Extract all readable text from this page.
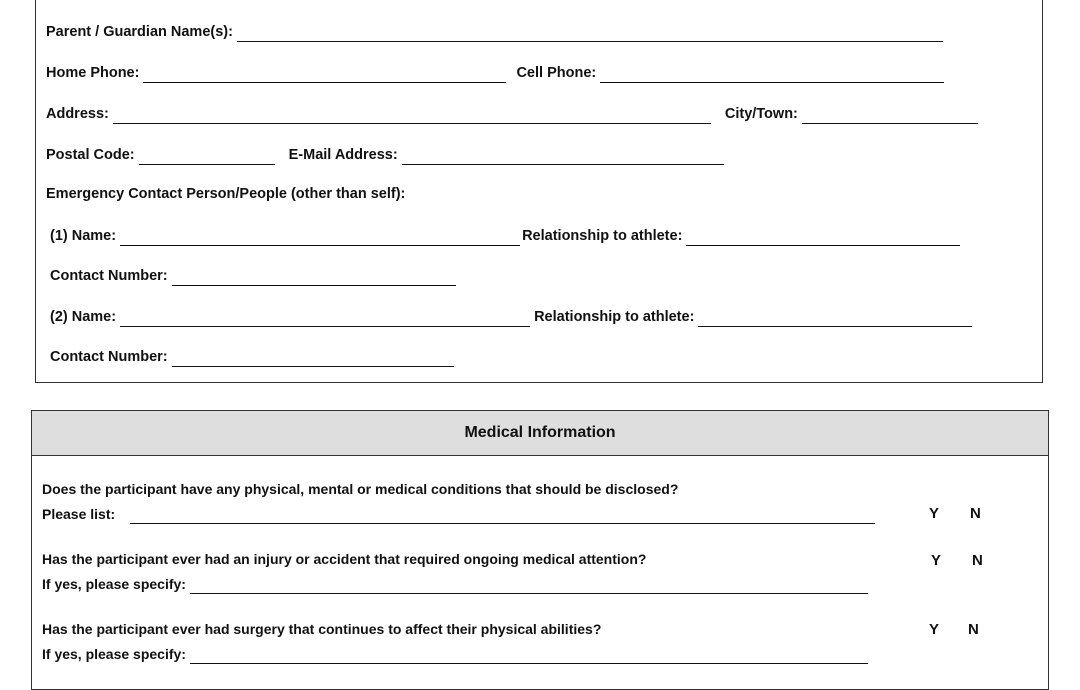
Parent / Guardian Name(s):
Home Phone:	Cell Phone:
Address:	City/Town:
Postal Code:	E-Mail Address:
Emergency Contact Person/People (other than self):
(1) Name:	Relationship to athlete:
Contact Number:
(2) Name:	Relationship to athlete:
Contact Number:
Medical Information
Does the participant have any physical, mental or medical conditions that should be disclosed?
Please list:	Y N
Has the participant ever had an injury or accident that required ongoing medical attention?
If yes, please specify:
Y N
Has the participant ever had surgery that continues to affect their physical abilities?
If yes, please specify:
Y N
